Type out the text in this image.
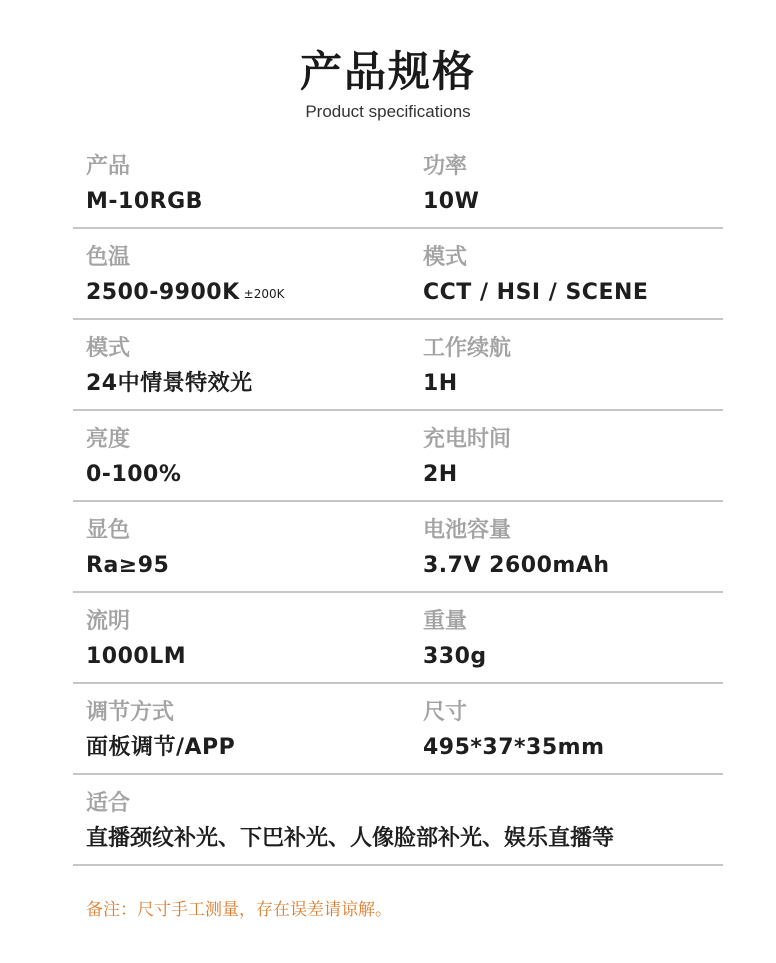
产品规格
Product specifications
产品
M-10RGB
功率
10W
色温
2500-9900K ±200K
模式
CCT / HSI / SCENE
模式
24中情景特效光
工作续航
1H
亮度
0-100%
充电时间
2H
显色
Ra≥95
电池容量
3.7V 2600mAh
流明
1000LM
重量
330g
调节方式
面板调节/APP
尺寸
495*37*35mm
适合
直播颈纹补光、下巴补光、人像脸部补光、娱乐直播等
备注：尺寸手工测量，存在误差请谅解。
